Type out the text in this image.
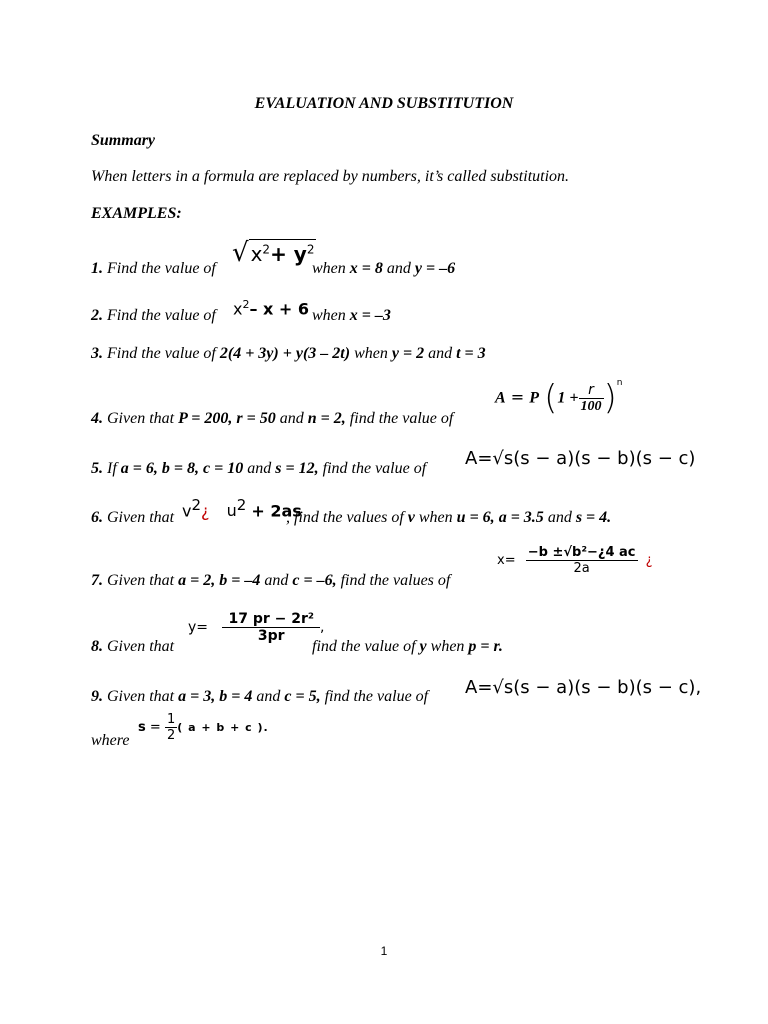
EVALUATION AND SUBSTITUTION
Summary
When letters in a formula are replaced by numbers, it’s called substitution.
EXAMPLES:
1. Find the value of
√ $x^2+ y^2$
when x = 8 and y = –6
2. Find the value of $x^2-$ x + 6 when x = –3
3. Find the value of 2(4 + 3y) + y(3 – 2t) when y = 2 and t = 3
4. Given that P = 200, r = 50 and n = 2, find the value of
A = P $(1 + \frac{r}{100} )^n$
5. If a = 6, b = 8, c = 10 and s = 12, find the value of A=√s(s − a)(s − b)(s − c)
6. Given that $v^2¿$ $u^2 + 2as$
, find the values of v when u = 6, a = 3.5 and s = 4.
7. Given that a = 2, b = –4 and c = –6, find the values of
$x= \frac{\text{−b ±√b²−¿4 ac}}{2a}$ ¿
8. Given that
$y= \frac{\text{17 pr − 2r²}}{3pr}$ ,
find the value of y when p = r.
9. Given that a = 3, b = 4 and c = 5, find the value of A=√s(s − a)(s − b)(s − c),
where
$s = \frac{1}{2}$ ( a + b + c ).
1
